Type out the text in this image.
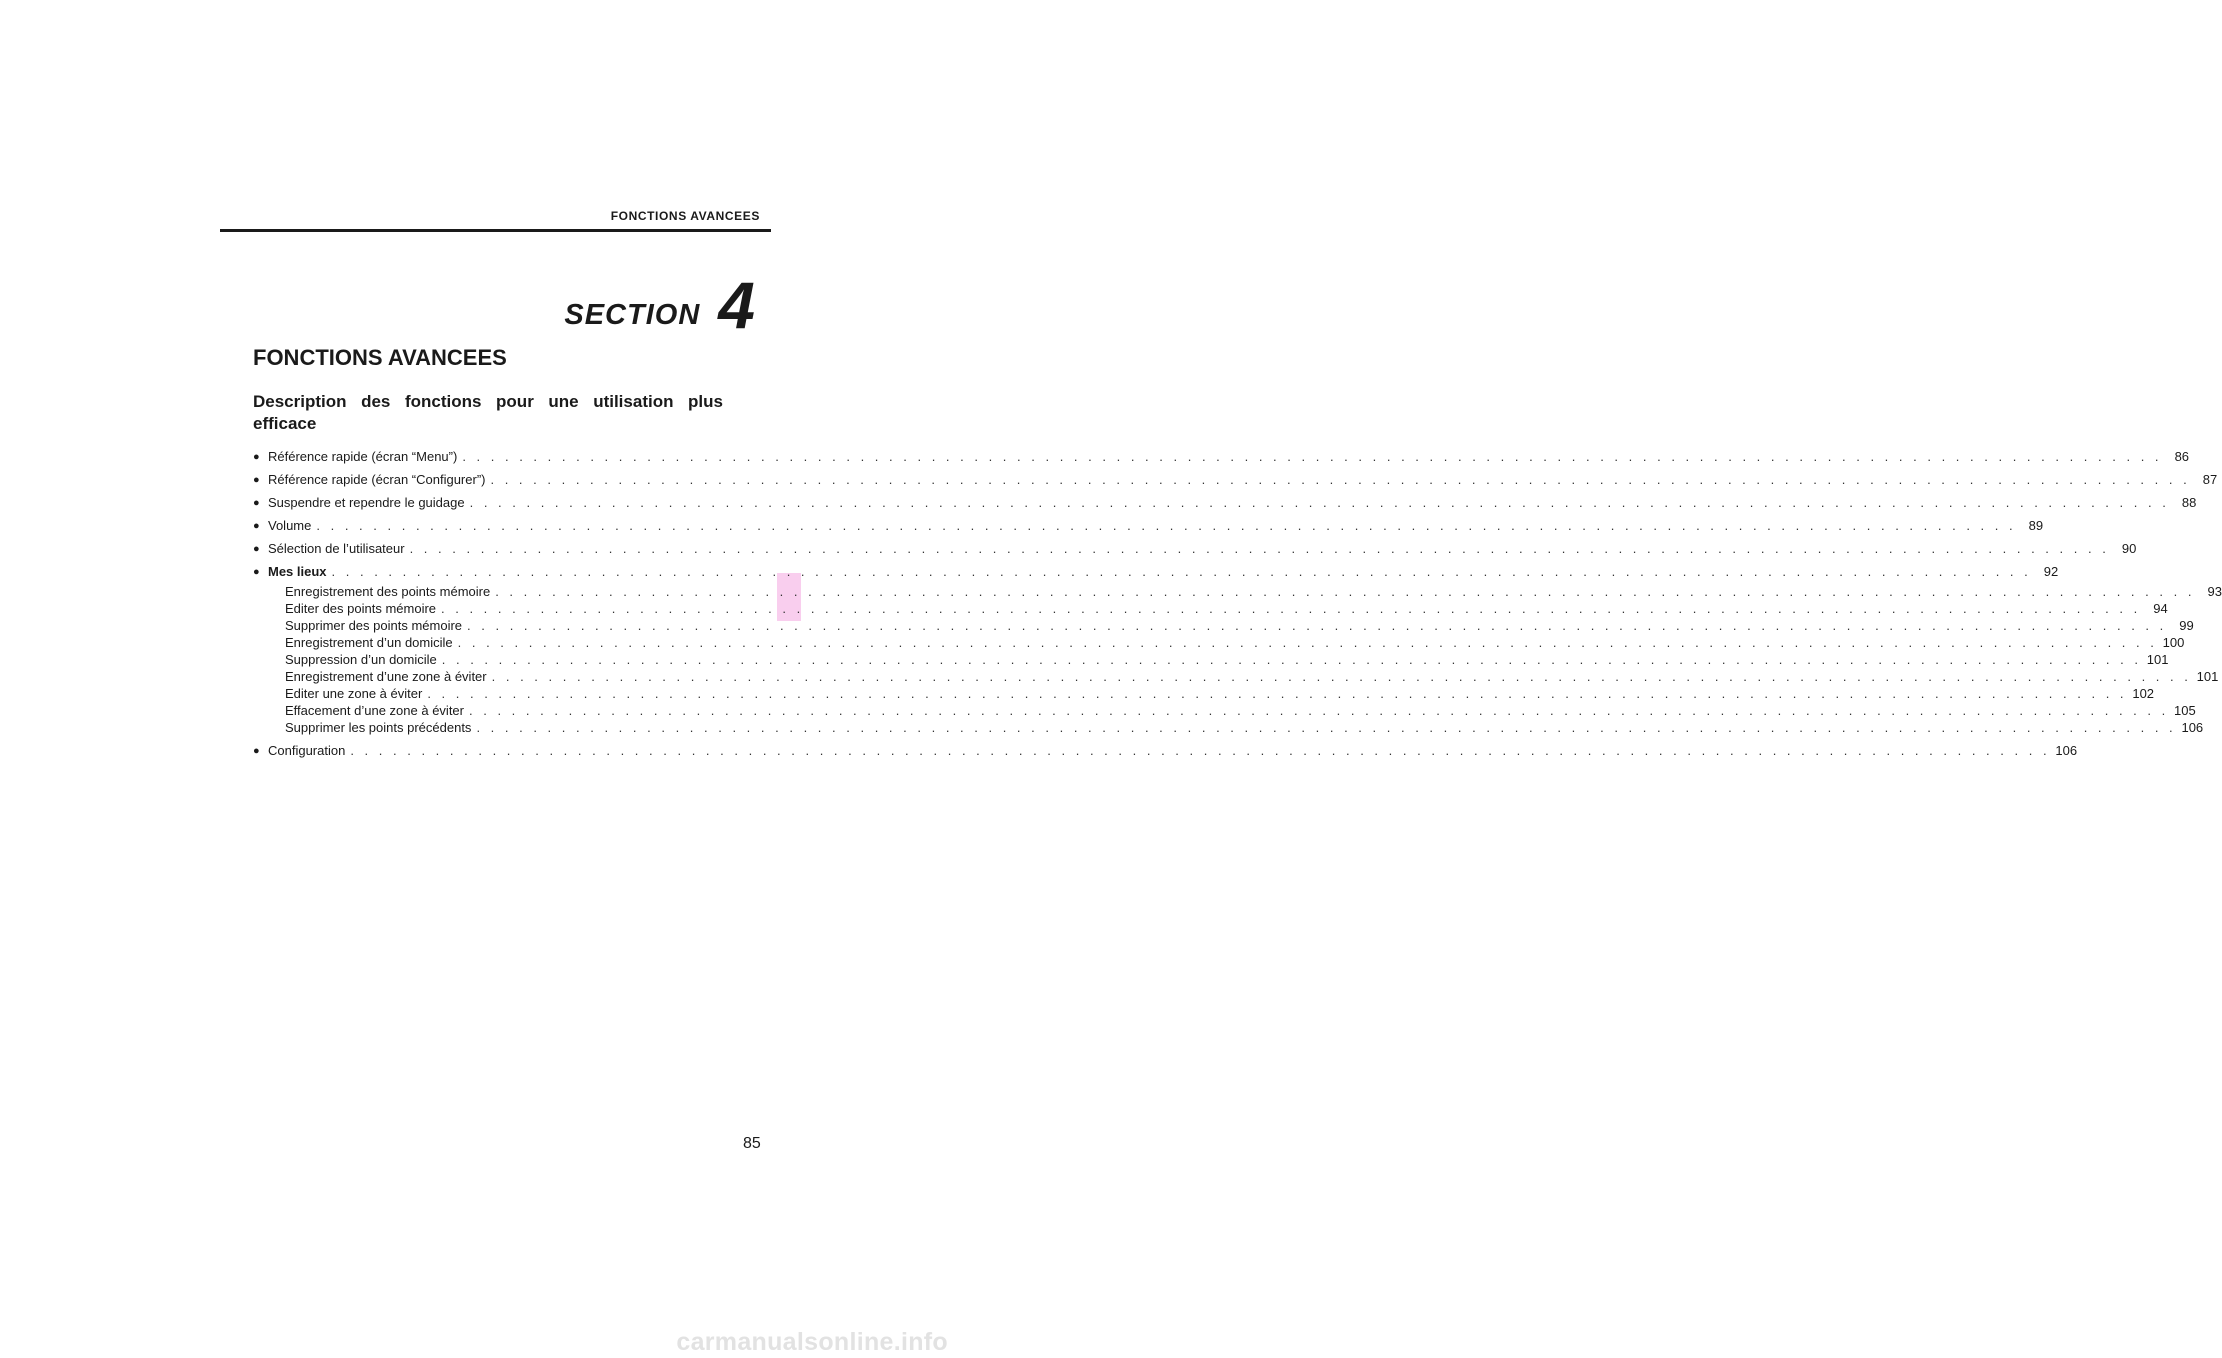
FONCTIONS AVANCEES
SECTION 4
FONCTIONS AVANCEES

Description des fonctions pour une utilisation plus efficace

● Référence rapide (écran “Menu”) . . . . . . . . . . . . . . . . . . . . . . . . . . . . . . . . . . . . . . . . . . . . . . . . . . . . . . . . . . . . . . . . . . . . . . . . . . . . . . . . . . . . . . . . . . . . . . . . . . . . . . . . . . . . . . . . . . . . . . . . 86
● Référence rapide (écran “Configurer”) . . . . . . . . . . . . . . . . . . . . . . . . . . . . . . . . . . . . . . . . . . . . . . . . . . . . . . . . . . . . . . . . . . . . . . . . . . . . . . . . . . . . . . . . . . . . . . . . . . . . . . . . . . . . . . . . . . . . . . . . 87
● Suspendre et rependre le guidage . . . . . . . . . . . . . . . . . . . . . . . . . . . . . . . . . . . . . . . . . . . . . . . . . . . . . . . . . . . . . . . . . . . . . . . . . . . . . . . . . . . . . . . . . . . . . . . . . . . . . . . . . . . . . . . . . . . . . . . . 88
● Volume . . . . . . . . . . . . . . . . . . . . . . . . . . . . . . . . . . . . . . . . . . . . . . . . . . . . . . . . . . . . . . . . . . . . . . . . . . . . . . . . . . . . . . . . . . . . . . . . . . . . . . . . . . . . . . . . . . . . . . . . 89
● Sélection de l’utilisateur . . . . . . . . . . . . . . . . . . . . . . . . . . . . . . . . . . . . . . . . . . . . . . . . . . . . . . . . . . . . . . . . . . . . . . . . . . . . . . . . . . . . . . . . . . . . . . . . . . . . . . . . . . . . . . . . . . . . . . . . 90
● Mes lieux . . . . . . . . . . . . . . . . . . . . . . . . . . . . . . . . . . . . . . . . . . . . . . . . . . . . . . . . . . . . . . . . . . . . . . . . . . . . . . . . . . . . . . . . . . . . . . . . . . . . . . . . . . . . . . . . . . . . . . . . 92
Enregistrement des points mémoire . . . . . . . . . . . . . . . . . . . . . . . . . . . . . . . . . . . . . . . . . . . . . . . . . . . . . . . . . . . . . . . . . . . . . . . . . . . . . . . . . . . . . . . . . . . . . . . . . . . . . . . . . . . . . . . . . . . . . . . . 93
Editer des points mémoire . . . . . . . . . . . . . . . . . . . . . . . . . . . . . . . . . . . . . . . . . . . . . . . . . . . . . . . . . . . . . . . . . . . . . . . . . . . . . . . . . . . . . . . . . . . . . . . . . . . . . . . . . . . . . . . . . . . . . . . . 94
Supprimer des points mémoire . . . . . . . . . . . . . . . . . . . . . . . . . . . . . . . . . . . . . . . . . . . . . . . . . . . . . . . . . . . . . . . . . . . . . . . . . . . . . . . . . . . . . . . . . . . . . . . . . . . . . . . . . . . . . . . . . . . . . . . . 99
Enregistrement d’un domicile . . . . . . . . . . . . . . . . . . . . . . . . . . . . . . . . . . . . . . . . . . . . . . . . . . . . . . . . . . . . . . . . . . . . . . . . . . . . . . . . . . . . . . . . . . . . . . . . . . . . . . . . . . . . . . . . . . . . . . . . 100
Suppression d’un domicile . . . . . . . . . . . . . . . . . . . . . . . . . . . . . . . . . . . . . . . . . . . . . . . . . . . . . . . . . . . . . . . . . . . . . . . . . . . . . . . . . . . . . . . . . . . . . . . . . . . . . . . . . . . . . . . . . . . . . . . . 101
Enregistrement d’une zone à éviter . . . . . . . . . . . . . . . . . . . . . . . . . . . . . . . . . . . . . . . . . . . . . . . . . . . . . . . . . . . . . . . . . . . . . . . . . . . . . . . . . . . . . . . . . . . . . . . . . . . . . . . . . . . . . . . . . . . . . . . . 101
Editer une zone à éviter . . . . . . . . . . . . . . . . . . . . . . . . . . . . . . . . . . . . . . . . . . . . . . . . . . . . . . . . . . . . . . . . . . . . . . . . . . . . . . . . . . . . . . . . . . . . . . . . . . . . . . . . . . . . . . . . . . . . . . . . 102
Effacement d’une zone à éviter . . . . . . . . . . . . . . . . . . . . . . . . . . . . . . . . . . . . . . . . . . . . . . . . . . . . . . . . . . . . . . . . . . . . . . . . . . . . . . . . . . . . . . . . . . . . . . . . . . . . . . . . . . . . . . . . . . . . . . . . 105
Supprimer les points précédents . . . . . . . . . . . . . . . . . . . . . . . . . . . . . . . . . . . . . . . . . . . . . . . . . . . . . . . . . . . . . . . . . . . . . . . . . . . . . . . . . . . . . . . . . . . . . . . . . . . . . . . . . . . . . . . . . . . . . . . . 106
● Configuration . . . . . . . . . . . . . . . . . . . . . . . . . . . . . . . . . . . . . . . . . . . . . . . . . . . . . . . . . . . . . . . . . . . . . . . . . . . . . . . . . . . . . . . . . . . . . . . . . . . . . . . . . . . . . . . . . . . . . . . . 106
85
carmanualsonline.info
